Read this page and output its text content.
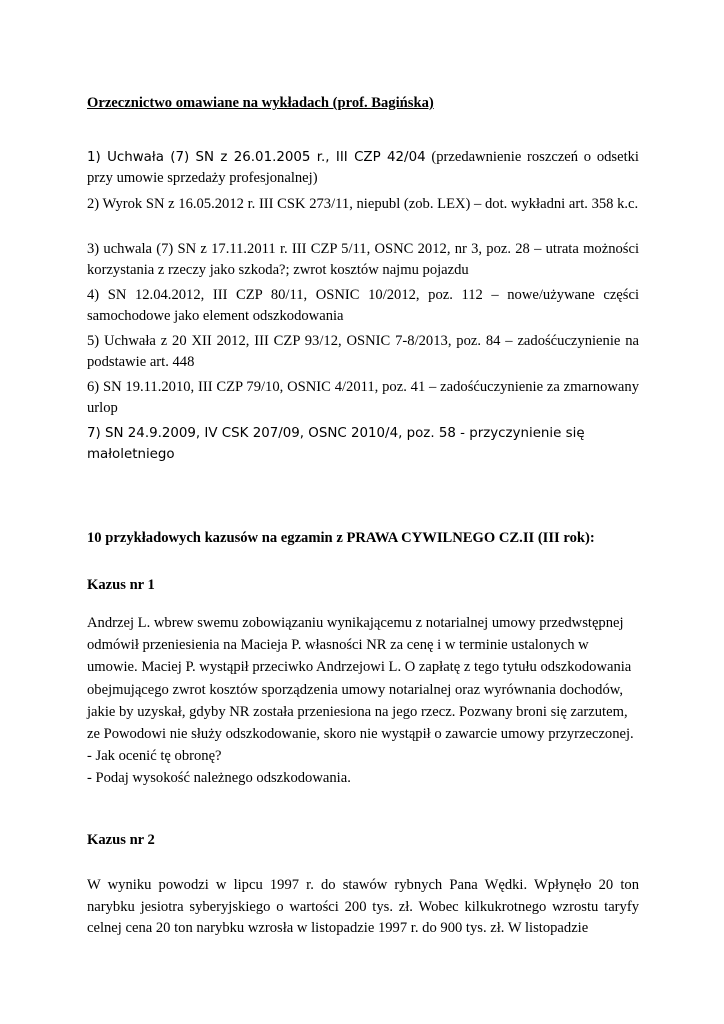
Orzecznictwo omawiane na wykładach (prof. Bagińska)

1) Uchwała (7) SN z 26.01.2005 r., III CZP 42/04 (przedawnienie roszczeń o odsetki przy umowie sprzedaży profesjonalnej)

2) Wyrok SN z 16.05.2012 r. III CSK 273/11, niepubl (zob. LEX) – dot. wykładni art. 358 k.c.

3) uchwala (7) SN z 17.11.2011 r. III CZP 5/11, OSNC 2012, nr 3, poz. 28 – utrata możności korzystania z rzeczy jako szkoda?; zwrot kosztów najmu pojazdu

4) SN 12.04.2012, III CZP 80/11, OSNIC 10/2012, poz. 112 – nowe/używane części samochodowe jako element odszkodowania

5) Uchwała z 20 XII 2012, III CZP 93/12, OSNIC 7-8/2013, poz. 84 – zadośćuczynienie na podstawie art. 448

6) SN 19.11.2010, III CZP 79/10, OSNIC 4/2011, poz. 41 – zadośćuczynienie za zmarnowany urlop

7) SN 24.9.2009, IV CSK 207/09, OSNC 2010/4, poz. 58 - przyczynienie się małoletniego

10 przykładowych kazusów na egzamin z PRAWA CYWILNEGO CZ.II (III rok):

Kazus nr 1

Andrzej L. wbrew swemu zobowiązaniu wynikającemu z notarialnej umowy przedwstępnej
odmówił przeniesienia na Macieja P. własności NR za cenę i w terminie ustalonych w
umowie. Maciej P. wystąpił przeciwko Andrzejowi L. O zapłatę z tego tytułu odszkodowania
obejmującego zwrot kosztów sporządzenia umowy notarialnej oraz wyrównania dochodów,
jakie by uzyskał, gdyby NR została przeniesiona na jego rzecz. Pozwany broni się zarzutem,
ze Powodowi nie służy odszkodowanie, skoro nie wystąpił o zawarcie umowy przyrzeczonej.
- Jak ocenić tę obronę?
- Podaj wysokość należnego odszkodowania.

Kazus nr 2

W wyniku powodzi w lipcu 1997 r. do stawów rybnych Pana Wędki. Wpłynęło 20 ton narybku jesiotra syberyjskiego o wartości 200 tys. zł. Wobec kilkukrotnego wzrostu taryfy celnej cena 20 ton narybku wzrosła w listopadzie 1997 r. do 900 tys. zł. W listopadzie
